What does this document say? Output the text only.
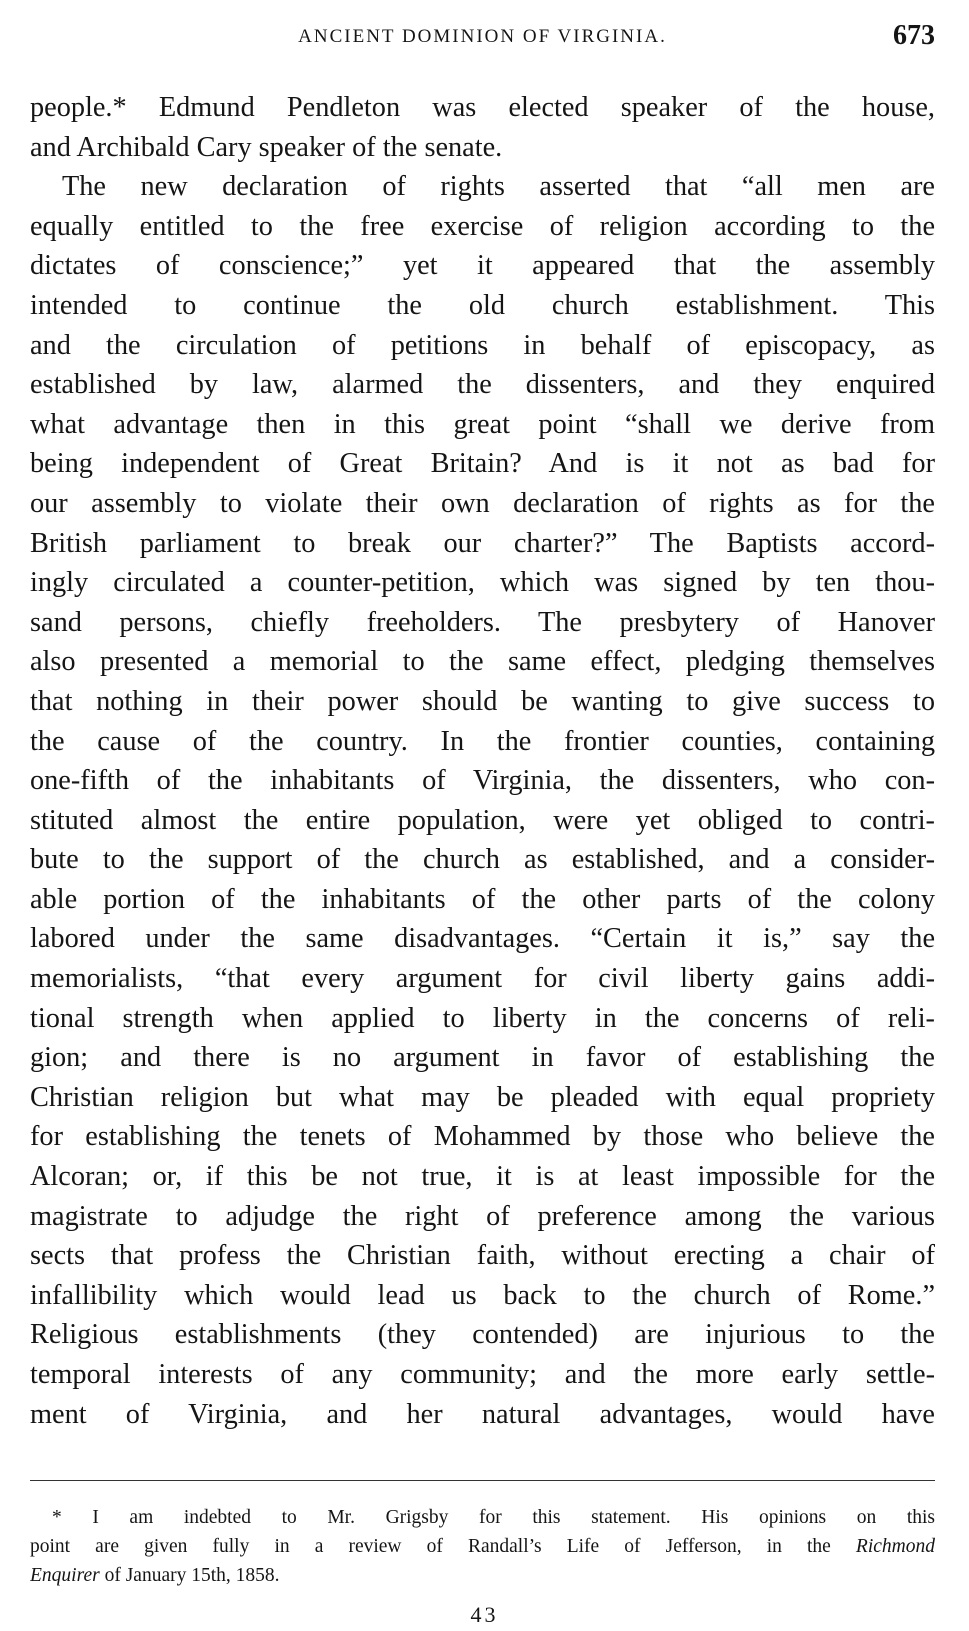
ANCIENT DOMINION OF VIRGINIA.	673
people.* Edmund Pendleton was elected speaker of the house,
and Archibald Cary speaker of the senate.
The new declaration of rights asserted that “all men are
equally entitled to the free exercise of religion according to the
dictates of conscience;” yet it appeared that the assembly
intended to continue the old church establishment. This
and the circulation of petitions in behalf of episcopacy, as
established by law, alarmed the dissenters, and they enquired
what advantage then in this great point “shall we derive from
being independent of Great Britain? And is it not as bad for
our assembly to violate their own declaration of rights as for the
British parliament to break our charter?” The Baptists accord-
ingly circulated a counter-petition, which was signed by ten thou-
sand persons, chiefly freeholders. The presbytery of Hanover
also presented a memorial to the same effect, pledging themselves
that nothing in their power should be wanting to give success to
the cause of the country. In the frontier counties, containing
one-fifth of the inhabitants of Virginia, the dissenters, who con-
stituted almost the entire population, were yet obliged to contri-
bute to the support of the church as established, and a consider-
able portion of the inhabitants of the other parts of the colony
labored under the same disadvantages. “Certain it is,” say the
memorialists, “that every argument for civil liberty gains addi-
tional strength when applied to liberty in the concerns of reli-
gion; and there is no argument in favor of establishing the
Christian religion but what may be pleaded with equal propriety
for establishing the tenets of Mohammed by those who believe the
Alcoran; or, if this be not true, it is at least impossible for the
magistrate to adjudge the right of preference among the various
sects that profess the Christian faith, without erecting a chair of
infallibility which would lead us back to the church of Rome.”
Religious establishments (they contended) are injurious to the
temporal interests of any community; and the more early settle-
ment of Virginia, and her natural advantages, would have
* I am indebted to Mr. Grigsby for this statement. His opinions on this
point are given fully in a review of Randall’s Life of Jefferson, in the Richmond
Enquirer of January 15th, 1858.
43
